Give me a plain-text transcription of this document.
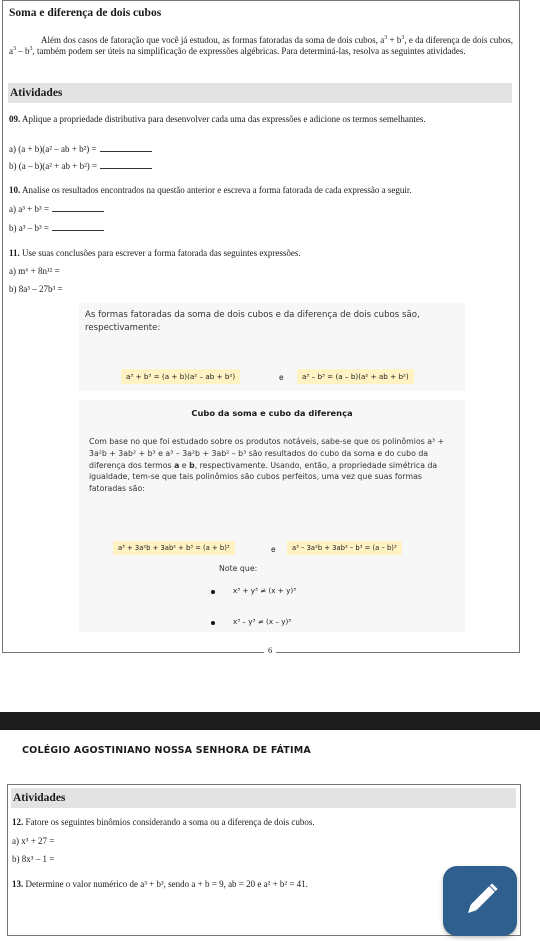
Soma e diferença de dois cubos
Além dos casos de fatoração que você já estudou, as formas fatoradas da soma de dois cubos, $a^3 + b^3$, e da diferença de dois cubos, $a^3 - b^3$, também podem ser úteis na simplificação de expressões algébricas. Para determiná-las, resolva as seguintes atividades.
Atividades
09. Aplique a propriedade distributiva para desenvolver cada uma das expressões e adicione os termos semelhantes.
a) (a + b)(a² – ab + b²) =
b) (a – b)(a² + ab + b²) =
10. Analise os resultados encontrados na questão anterior e escreva a forma fatorada de cada expressão a seguir.
a) a³ + b³ =
b) a³ – b³ =
11. Use suas conclusões para escrever a forma fatorada das seguintes expressões.
a) m⁶ + 8n¹² =
b) 8a³ – 27b³ =
As formas fatoradas da soma de dois cubos e da diferença de dois cubos são, respectivamente:
a³ + b³ = (a + b)(a² – ab + b²)	e	a³ – b³ = (a – b)(a² + ab + b²)
Cubo da soma e cubo da diferença
Com base no que foi estudado sobre os produtos notáveis, sabe-se que os polinômios a³ + 3a²b + 3ab² + b³ e a³ – 3a²b + 3ab² – b³ são resultados do cubo da soma e do cubo da diferença dos termos a e b, respectivamente. Usando, então, a propriedade simétrica da igualdade, tem-se que tais polinômios são cubos perfeitos, uma vez que suas formas fatoradas são:
a³ + 3a²b + 3ab² + b³ = (a + b)³	e	a³ – 3a²b + 3ab² – b³ = (a – b)³
Note que:
x³ + y³ ≠ (x + y)³
x³ – y³ ≠ (x – y)³
6
COLÉGIO AGOSTINIANO NOSSA SENHORA DE FÁTIMA
Atividades
12. Fatore os seguintes binômios considerando a soma ou a diferença de dois cubos.
a) x³ + 27 =
b) 8x³ – 1 =
13. Determine o valor numérico de a³ + b³, sendo a + b = 9, ab = 20 e a² + b² = 41.
